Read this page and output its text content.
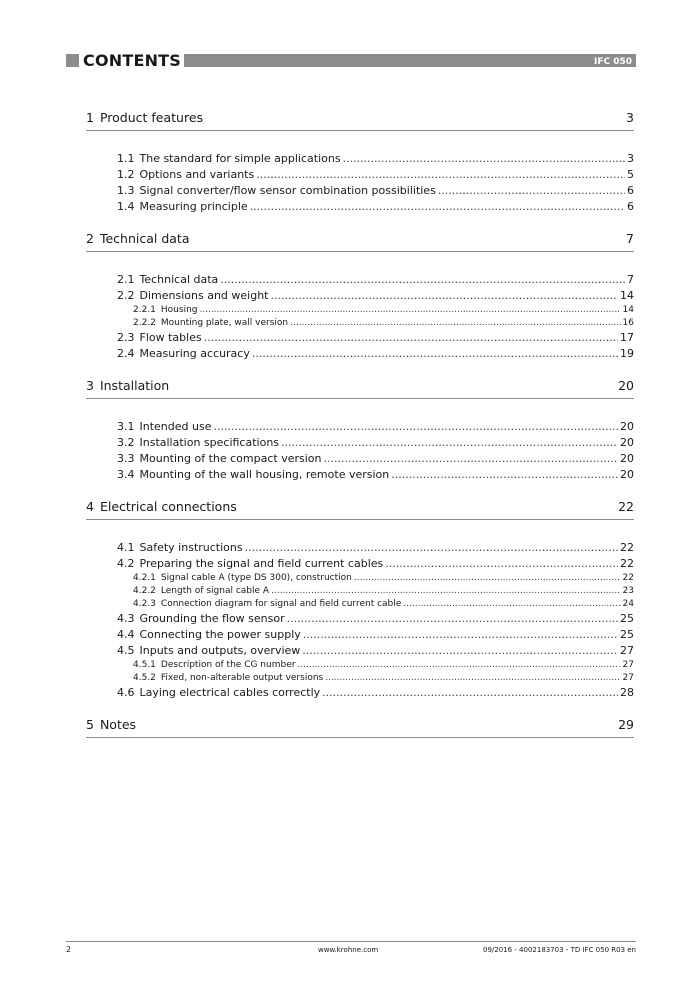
CONTENTS	IFC 050
1 Product features	3
1.1 The standard for simple applications .....	3
1.2 Options and variants .....	5
1.3 Signal converter/flow sensor combination possibilities .....	6
1.4 Measuring principle .....	6
2 Technical data	7
2.1 Technical data .....	7
2.2 Dimensions and weight .....	14
2.2.1 Housing .....	14
2.2.2 Mounting plate, wall version .....	16
2.3 Flow tables .....	17
2.4 Measuring accuracy .....	19
3 Installation	20
3.1 Intended use .....	20
3.2 Installation specifications .....	20
3.3 Mounting of the compact version .....	20
3.4 Mounting of the wall housing, remote version .....	20
4 Electrical connections	22
4.1 Safety instructions .....	22
4.2 Preparing the signal and field current cables .....	22
4.2.1 Signal cable A (type DS 300), construction .....	22
4.2.2 Length of signal cable A .....	23
4.2.3 Connection diagram for signal and field current cable .....	24
4.3 Grounding the flow sensor .....	25
4.4 Connecting the power supply .....	25
4.5 Inputs and outputs, overview .....	27
4.5.1 Description of the CG number .....	27
4.5.2 Fixed, non-alterable output versions .....	27
4.6 Laying electrical cables correctly .....	28
5 Notes	29
2	www.krohne.com	09/2016 - 4002183703 - TD IFC 050 R03 en
